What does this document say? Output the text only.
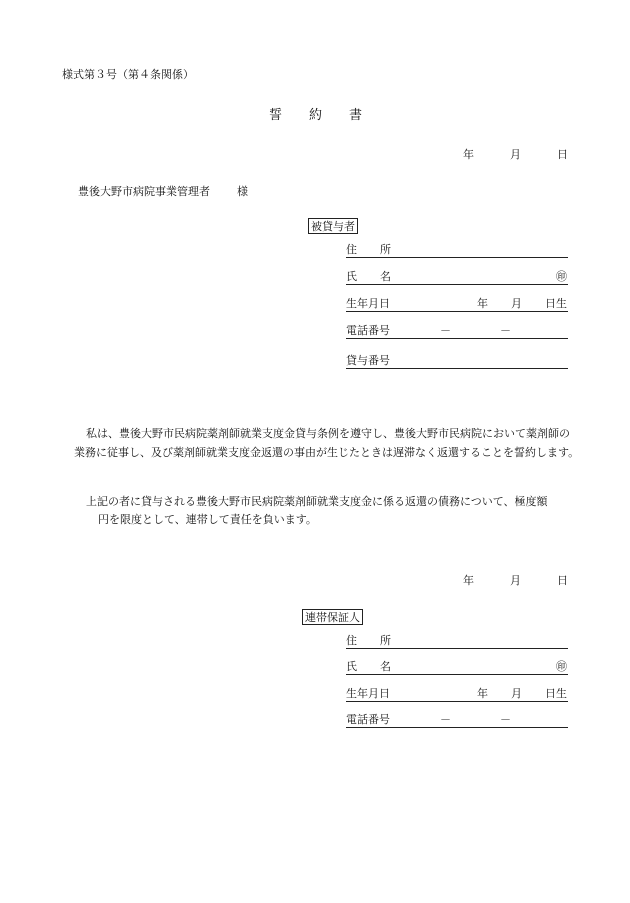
様式第３号（第４条関係）
誓 約 書
年	月	日
豊後大野市病院事業管理者 様
被貸与者
住 所
氏 名	㊞
生年月日	年 月 日生
電話番号	－	－
貸与番号
私は、豊後大野市民病院薬剤師就業支度金貸与条例を遵守し、豊後大野市民病院において薬剤師の
業務に従事し、及び薬剤師就業支度金返還の事由が生じたときは遅滞なく返還することを誓約します。
上記の者に貸与される豊後大野市民病院薬剤師就業支度金に係る返還の債務について、極度額
円を限度として、連帯して責任を負います。
年	月	日
連帯保証人
住 所
氏 名	㊞
生年月日	年 月 日生
電話番号	－	－
